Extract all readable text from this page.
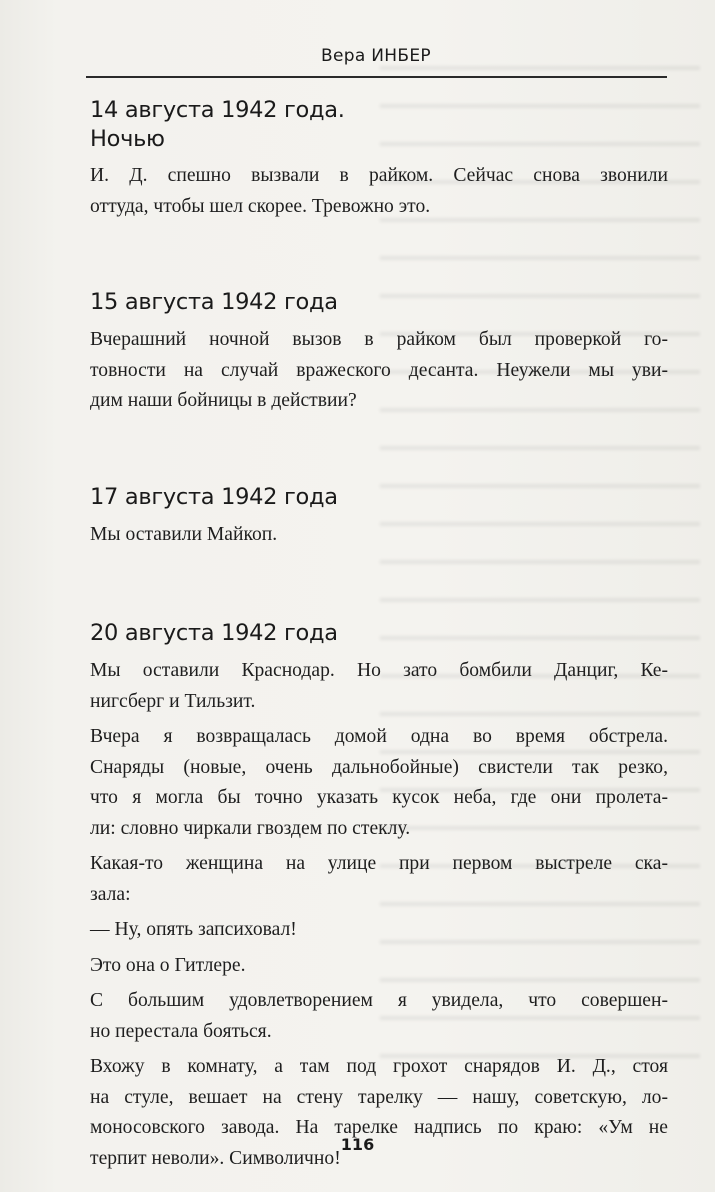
Вера ИНБЕР
14 августа 1942 года.
Ночью
И. Д. спешно вызвали в райком. Сейчас снова звонили
оттуда, чтобы шел скорее. Тревожно это.
15 августа 1942 года
Вчерашний ночной вызов в райком был проверкой го-
товности на случай вражеского десанта. Неужели мы уви-
дим наши бойницы в действии?
17 августа 1942 года
Мы оставили Майкоп.
20 августа 1942 года
Мы оставили Краснодар. Но зато бомбили Данциг, Ке-
нигсберг и Тильзит.
Вчера я возвращалась домой одна во время обстрела.
Снаряды (новые, очень дальнобойные) свистели так резко,
что я могла бы точно указать кусок неба, где они пролета-
ли: словно чиркали гвоздем по стеклу.
Какая-то женщина на улице при первом выстреле ска-
зала:
— Ну, опять запсиховал!
Это она о Гитлере.
С большим удовлетворением я увидела, что совершен-
но перестала бояться.
Вхожу в комнату, а там под грохот снарядов И. Д., стоя
на стуле, вешает на стену тарелку — нашу, советскую, ло-
моносовского завода. На тарелке надпись по краю: «Ум не
терпит неволи». Символично!
116
